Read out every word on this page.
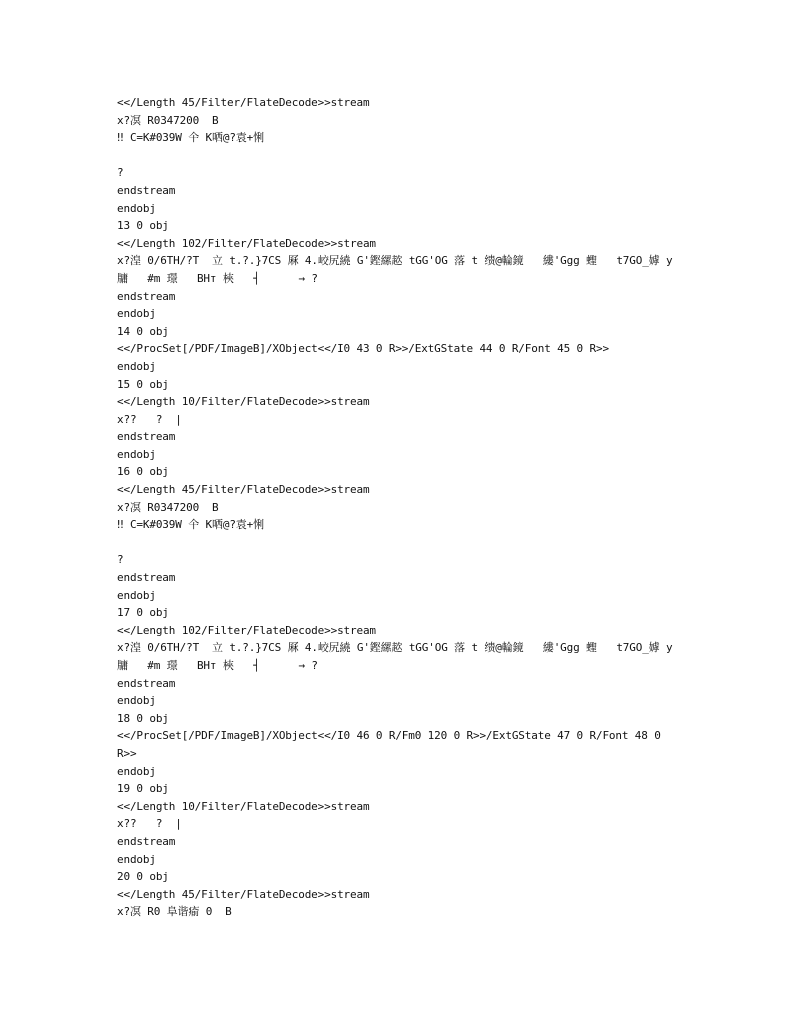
<</Length 45/Filter/FlateDecode>>stream
x?凕 R0347200  B
‼ C=K#039W 仐 K哂@?袁+悧
?
endstream
endobj
13 0 obj
<</Length 102/Filter/FlateDecode>>stream
x?湟 0/6TH/?T  立 t.?.}7CS 厤 4.峧尻繞 G'鏗縲趑 tGG'OG 落 t 缋@輪鏡   縷'Ggg 蟶   t7GO_嫭 y
牗   #m 璟   BHт 梜   ┤      → ?
endstream
endobj
14 0 obj
<</ProcSet[/PDF/ImageB]/XObject<</I0 43 0 R>>/ExtGState 44 0 R/Font 45 0 R>>
endobj
15 0 obj
<</Length 10/Filter/FlateDecode>>stream
x??   ?  |
endstream
endobj
16 0 obj
<</Length 45/Filter/FlateDecode>>stream
x?凕 R0347200  B
‼ C=K#039W 仐 K哂@?袁+悧
?
endstream
endobj
17 0 obj
<</Length 102/Filter/FlateDecode>>stream
x?湟 0/6TH/?T  立 t.?.}7CS 厤 4.峧尻繞 G'鏗縲趑 tGG'OG 落 t 缋@輪鏡   縷'Ggg 蟶   t7GO_嫭 y
牗   #m 璟   BHт 梜   ┤      → ?
endstream
endobj
18 0 obj
<</ProcSet[/PDF/ImageB]/XObject<</I0 46 0 R/Fm0 120 0 R>>/ExtGState 47 0 R/Font 48 0
R>>
endobj
19 0 obj
<</Length 10/Filter/FlateDecode>>stream
x??   ?  |
endstream
endobj
20 0 obj
<</Length 45/Filter/FlateDecode>>stream
x?凕 R0 阜谐瘉 0  B
